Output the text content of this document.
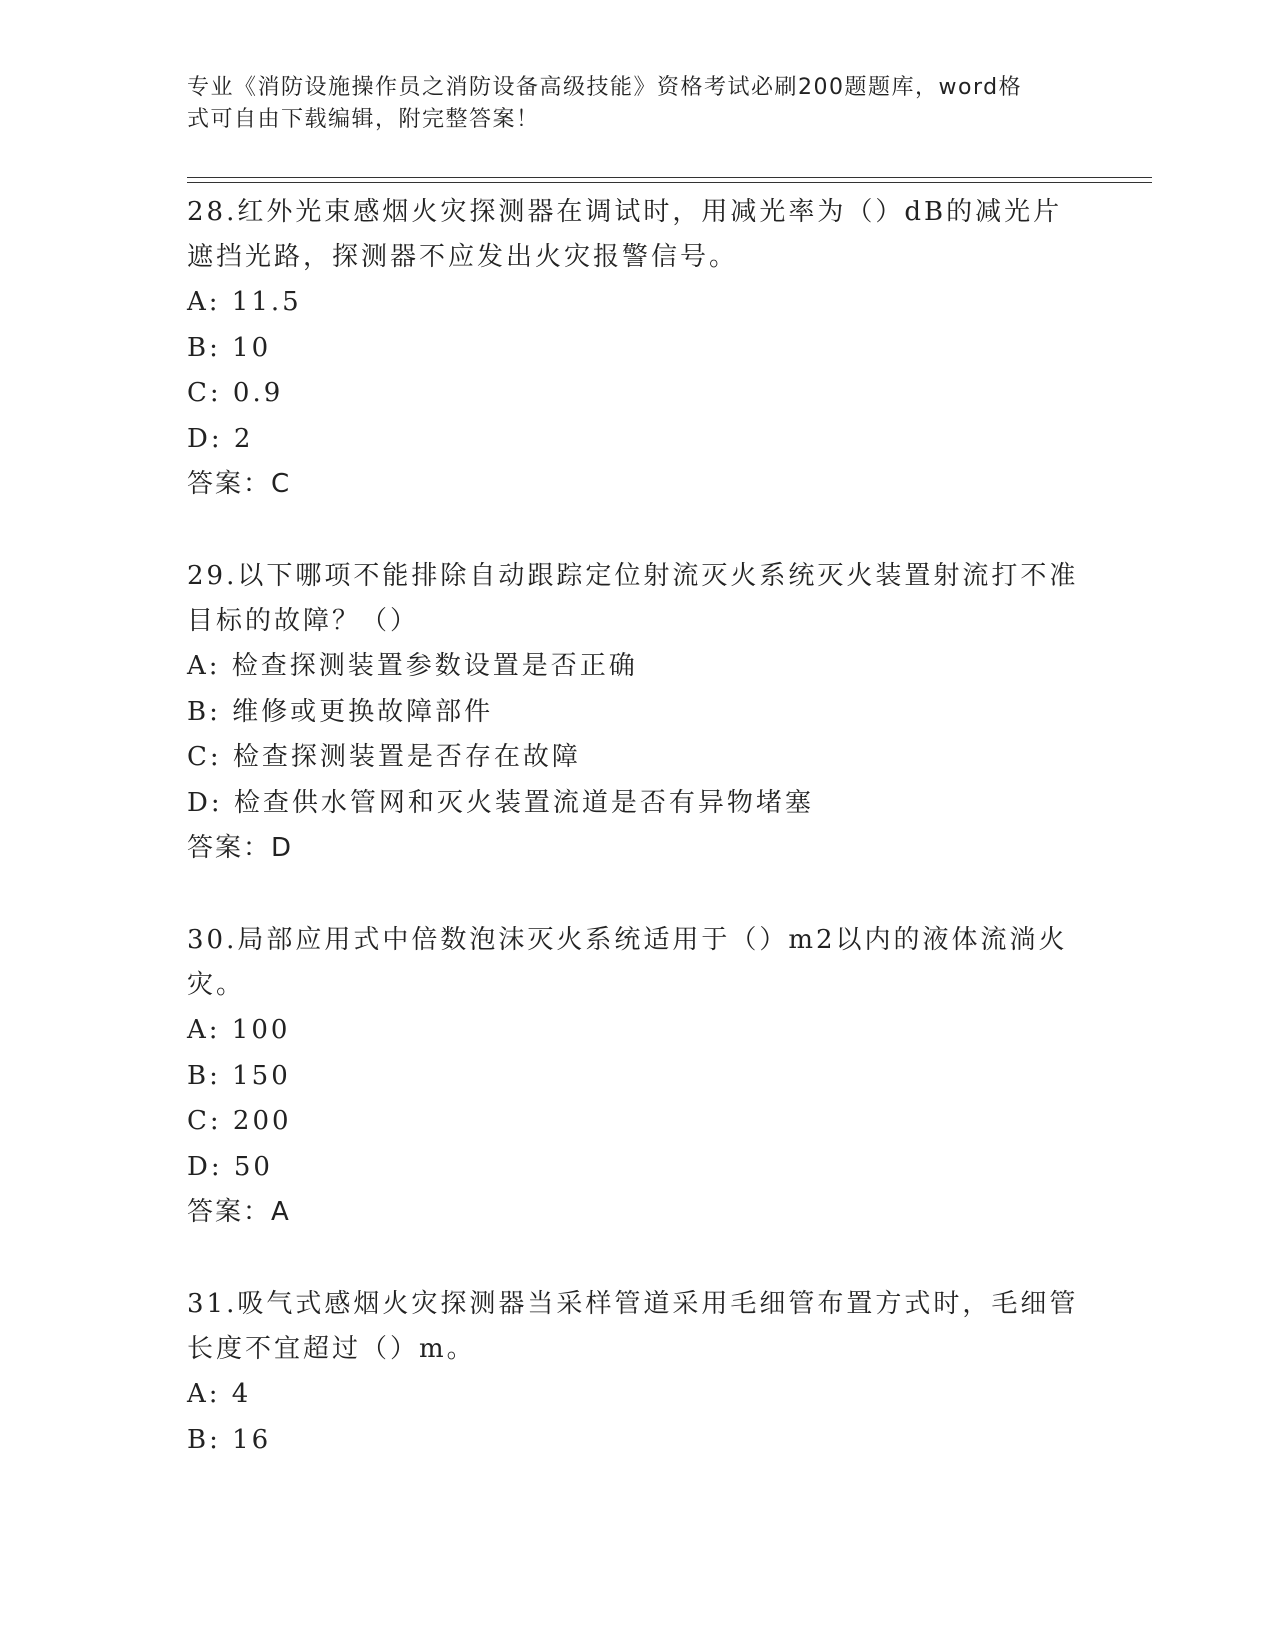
专业《消防设施操作员之消防设备高级技能》资格考试必刷200题题库，word格
式可自由下载编辑，附完整答案！

28.红外光束感烟火灾探测器在调试时，用减光率为（）dB的减光片遮挡光路，探测器不应发出火灾报警信号。

A: 11.5

B: 10

C: 0.9

D: 2

答案：C

29.以下哪项不能排除自动跟踪定位射流灭火系统灭火装置射流打不准目标的故障？（）

A: 检查探测装置参数设置是否正确

B: 维修或更换故障部件

C: 检查探测装置是否存在故障

D: 检查供水管网和灭火装置流道是否有异物堵塞

答案：D

30.局部应用式中倍数泡沫灭火系统适用于（）m2以内的液体流淌火灾。

A: 100

B: 150

C: 200

D: 50

答案：A

31.吸气式感烟火灾探测器当采样管道采用毛细管布置方式时，毛细管长度不宜超过（）m。

A: 4

B: 16
